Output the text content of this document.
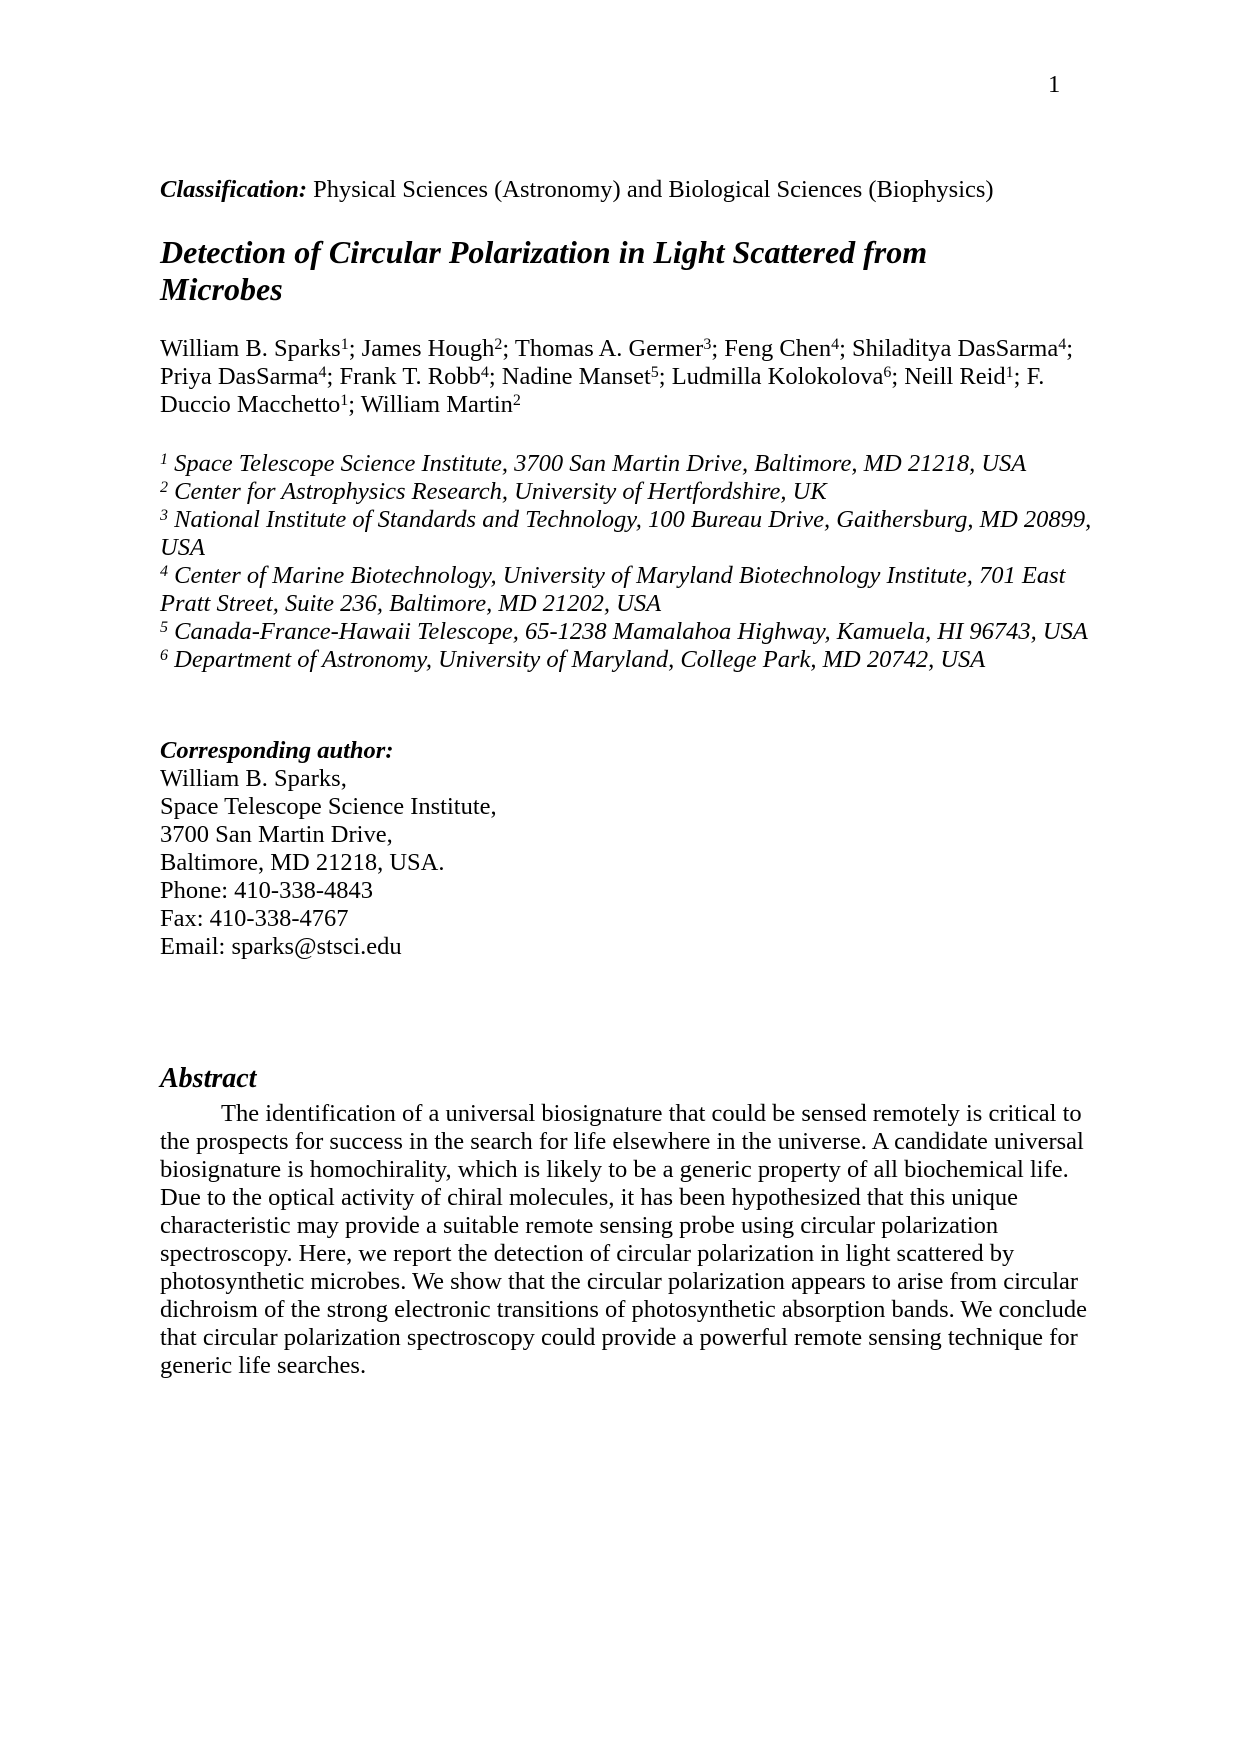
1

Classification: Physical Sciences (Astronomy) and Biological Sciences (Biophysics)

Detection of Circular Polarization in Light Scattered from Microbes

William B. Sparks$^1$; James Hough$^2$; Thomas A. Germer$^3$; Feng Chen$^4$; Shiladitya DasSarma$^4$; Priya DasSarma$^4$; Frank T. Robb$^4$; Nadine Manset$^5$; Ludmilla Kolokolova$^6$; Neill Reid$^1$; F. Duccio Macchetto$^1$; William Martin$^2$

$^1$ Space Telescope Science Institute, 3700 San Martin Drive, Baltimore, MD 21218, USA
$^2$ Center for Astrophysics Research, University of Hertfordshire, UK
$^3$ National Institute of Standards and Technology, 100 Bureau Drive, Gaithersburg, MD 20899, USA
$^4$ Center of Marine Biotechnology, University of Maryland Biotechnology Institute, 701 East Pratt Street, Suite 236, Baltimore, MD 21202, USA
$^5$ Canada-France-Hawaii Telescope, 65-1238 Mamalahoa Highway, Kamuela, HI 96743, USA
$^6$ Department of Astronomy, University of Maryland, College Park, MD 20742, USA

Corresponding author:

William B. Sparks,
Space Telescope Science Institute,
3700 San Martin Drive,
Baltimore, MD 21218, USA.
Phone: 410-338-4843
Fax: 410-338-4767
Email: sparks@stsci.edu
Abstract

The identification of a universal biosignature that could be sensed remotely is critical to the prospects for success in the search for life elsewhere in the universe. A candidate universal biosignature is homochirality, which is likely to be a generic property of all biochemical life. Due to the optical activity of chiral molecules, it has been hypothesized that this unique characteristic may provide a suitable remote sensing probe using circular polarization spectroscopy. Here, we report the detection of circular polarization in light scattered by photosynthetic microbes. We show that the circular polarization appears to arise from circular dichroism of the strong electronic transitions of photosynthetic absorption bands. We conclude that circular polarization spectroscopy could provide a powerful remote sensing technique for generic life searches.
